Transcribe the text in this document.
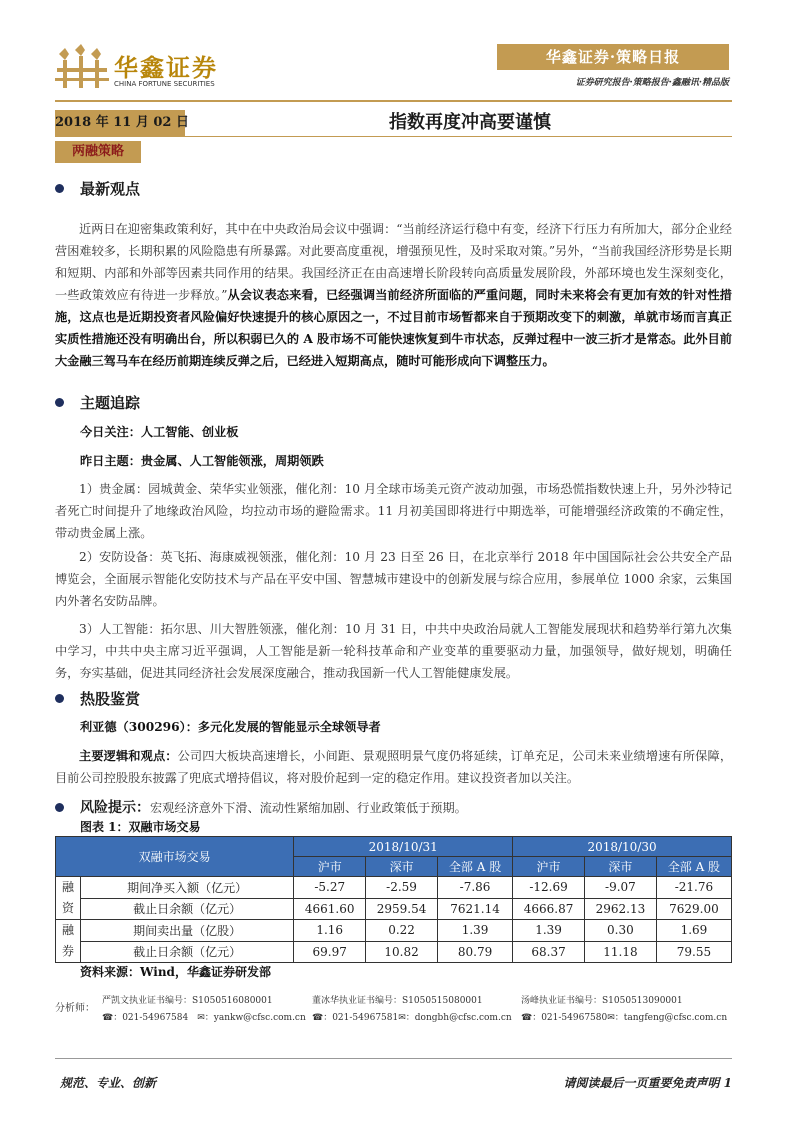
华鑫证券
CHINA FORTUNE SECURITIES
华鑫证券·策略日报
证券研究报告·策略报告·鑫融讯·精品版
2018 年 11 月 02 日	指数再度冲高要谨慎
两融策略
最新观点
近两日在迎密集政策利好，其中在中央政治局会议中强调：“当前经济运行稳中有变，经济下行压力有所加大，部分企业经营困难较多，长期积累的风险隐患有所暴露。对此要高度重视，增强预见性，及时采取对策。”另外，“当前我国经济形势是长期和短期、内部和外部等因素共同作用的结果。我国经济正在由高速增长阶段转向高质量发展阶段，外部环境也发生深刻变化，一些政策效应有待进一步释放。”从会议表态来看，已经强调当前经济所面临的严重问题，同时未来将会有更加有效的针对性措施，这点也是近期投资者风险偏好快速提升的核心原因之一，不过目前市场暂都来自于预期改变下的刺激，单就市场而言真正实质性措施还没有明确出台，所以积弱已久的 A 股市场不可能快速恢复到牛市状态，反弹过程中一波三折才是常态。此外目前大金融三驾马车在经历前期连续反弹之后，已经进入短期高点，随时可能形成向下调整压力。
主题追踪
今日关注：人工智能、创业板
昨日主题：贵金属、人工智能领涨，周期领跌
1）贵金属：园城黄金、荣华实业领涨，催化剂：10 月全球市场美元资产波动加强，市场恐慌指数快速上升，另外沙特记者死亡时间提升了地缘政治风险，均拉动市场的避险需求。11 月初美国即将进行中期选举，可能增强经济政策的不确定性，带动贵金属上涨。
2）安防设备：英飞拓、海康威视领涨，催化剂：10 月 23 日至 26 日，在北京举行 2018 年中国国际社会公共安全产品博览会，全面展示智能化安防技术与产品在平安中国、智慧城市建设中的创新发展与综合应用，参展单位 1000 余家，云集国内外著名安防品牌。
3）人工智能：拓尔思、川大智胜领涨，催化剂：10 月 31 日，中共中央政治局就人工智能发展现状和趋势举行第九次集中学习，中共中央主席习近平强调，人工智能是新一轮科技革命和产业变革的重要驱动力量，加强领导，做好规划，明确任务，夯实基础，促进其同经济社会发展深度融合，推动我国新一代人工智能健康发展。
热股鉴赏
利亚德（300296）：多元化发展的智能显示全球领导者
主要逻辑和观点：公司四大板块高速增长，小间距、景观照明景气度仍将延续，订单充足，公司未来业绩增速有所保障，目前公司控股股东披露了兜底式增持倡议，将对股价起到一定的稳定作用。建议投资者加以关注。
风险提示：宏观经济意外下滑、流动性紧缩加剧、行业政策低于预期。
图表 1：双融市场交易
双融市场交易		2018/10/31			2018/10/30		
		沪市	深市	全部 A 股	沪市	深市	全部 A 股
融
资	期间净买入额（亿元）	-5.27	-2.59	-7.86	-12.69	-9.07	-21.76
	截止日余额（亿元）	4661.60	2959.54	7621.14	4666.87	2962.13	7629.00
融
券	期间卖出量（亿股）	1.16	0.22	1.39	1.39	0.30	1.69
	截止日余额（亿元）	69.97	10.82	80.79	68.37	11.18	79.55
资料来源：Wind，华鑫证券研发部
分析师：
严凯文执业证书编号：S1050516080001
☎：021-54967584　✉：yankw@cfsc.com.cn
董冰华执业证书编号：S1050515080001
☎：021-54967581✉：dongbh@cfsc.com.cn
汤峰执业证书编号：S1050513090001
☎：021-54967580✉：tangfeng@cfsc.com.cn
规范、专业、创新	请阅读最后一页重要免责声明 1
